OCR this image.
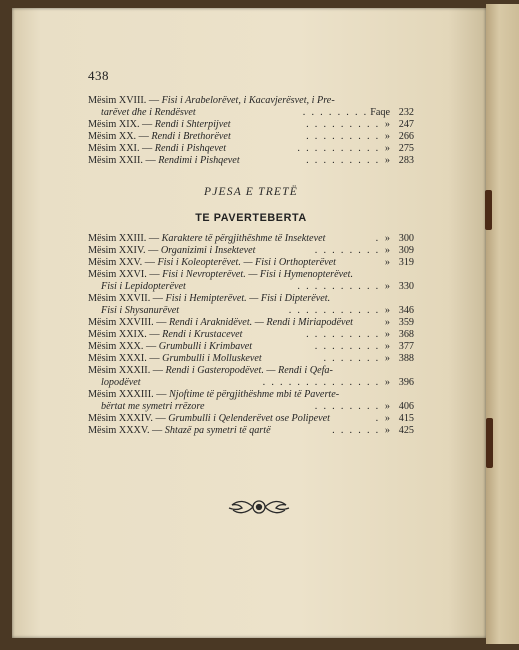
438
Mësim XVIII. — Fisi i Arabelorëvet, i Kacavjerësvet, i Pre-
tarëvet dhe i Rendësvet	. . . . . . . . Faqe 232
Mësim XIX. — Rendi i Shterpijvet	. . . . . . . . . » 247
Mësim XX. — Rendi i Brethorëvet	. . . . . . . . . » 266
Mësim XXI. — Rendi i Pishqevet	. . . . . . . . . . » 275
Mësim XXII. — Rendimi i Pishqevet	. . . . . . . . . » 283
PJESA E TRETË
TE PAVERTEBERTA
Mësim XXIII. — Karaktere të përgjithëshme të Insektevet	. » 300
Mësim XXIV. — Organizimi i Insektevet	. . . . . . . . » 309
Mësim XXV. — Fisi i Koleopterëvet. — Fisi i Orthopterëvet	» 319
Mësim XXVI. — Fisi i Nevropterëvet. — Fisi i Hymenopterëvet.
Fisi i Lepidopterëvet	. . . . . . . . . . » 330
Mësim XXVII. — Fisi i Hemipterëvet. — Fisi i Dipterëvet.
Fisi i Shysanurëvet	. . . . . . . . . . . » 346
Mësim XXVIII. — Rendi i Araknidëvet. — Rendi i Miriapodëvet	» 359
Mësim XXIX. — Rendi i Krustacevet	. . . . . . . . . » 368
Mësim XXX. — Grumbulli i Krimbavet	. . . . . . . . » 377
Mësim XXXI. — Grumbulli i Molluskevet	. . . . . . . » 388
Mësim XXXII. — Rendi i Gasteropodëvet. — Rendi i Qefa-
lopodëvet	. . . . . . . . . . . . . . » 396
Mësim XXXIII. — Njoftime të përgjithëshme mbi të Paverte-
bërtat me symetri rrëzore	. . . . . . . . » 406
Mësim XXXIV. — Grumbulli i Qelenderëvet ose Polipevet	. » 415
Mësim XXXV. — Shtazë pa symetri të qartë	. . . . . . » 425
